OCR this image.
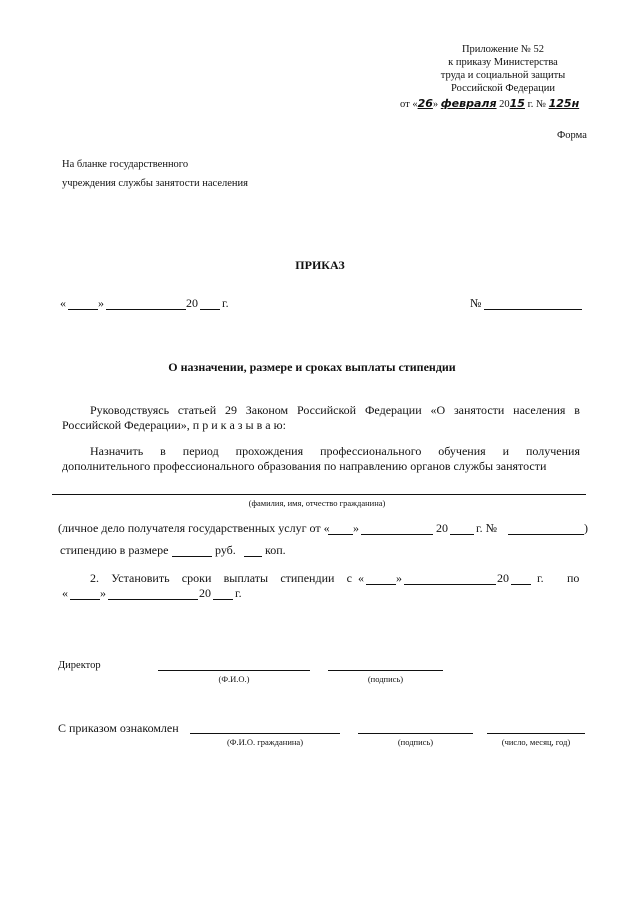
Приложение № 52
к приказу Министерства
труда и социальной защиты
Российской Федерации
от «26» февраля 2015 г. № 125н
Форма
На бланке государственного
учреждения службы занятости населения
ПРИКАЗ
«	»	20 г.	№
О назначении, размере и сроках выплаты стипендии
Руководствуясь статьей 29 Законом Российской Федерации «О занятости населения в
Российской Федерации», п р и к а з ы в а ю:
Назначить в период прохождения профессионального обучения и получения
дополнительного профессионального образования по направлению органов службы занятости
(фамилия, имя, отчество гражданина)
(личное дело получателя государственных услуг от « »	20 г. №	)
стипендию в размере	руб. коп.
2. Установить сроки выплаты стипендии с «	»	20 г. по
«	»	20 г.
Директор
(Ф.И.О.)	(подпись)
С приказом ознакомлен
(Ф.И.О. гражданина)	(подпись)	(число, месяц, год)
